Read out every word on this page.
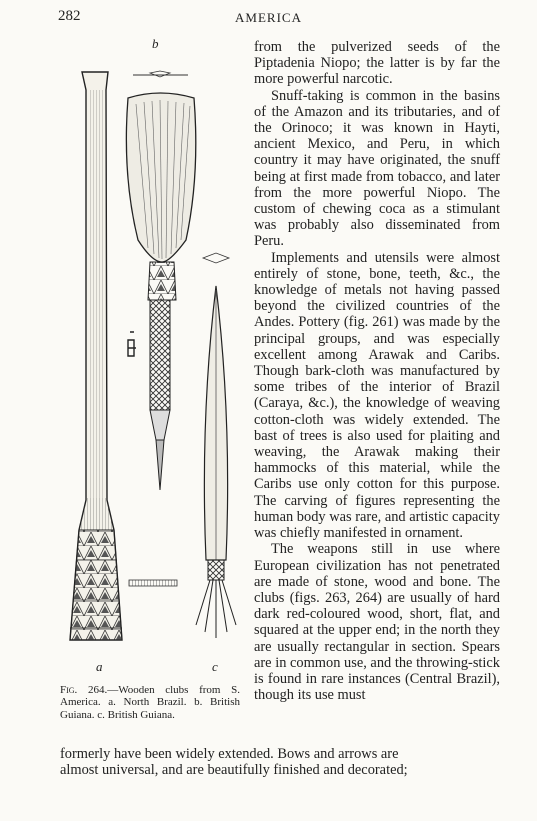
282	AMERICA
b
a	c
Fig. 264.—Wooden clubs from S. America. a. North Brazil. b. British Guiana. c. British Guiana.

from the pulverized seeds of the Piptadenia Niopo; the latter is by far the more powerful narcotic.

Snuff-taking is common in the basins of the Amazon and its tributaries, and of the Orinoco; it was known in Hayti, ancient Mexico, and Peru, in which country it may have originated, the snuff being at first made from tobacco, and later from the more powerful Niopo. The custom of chewing coca as a stimulant was probably also disseminated from Peru.

Implements and utensils were almost entirely of stone, bone, teeth, &c., the knowledge of metals not having passed beyond the civilized countries of the Andes. Pottery (fig. 261) was made by the principal groups, and was especially excellent among Arawak and Caribs. Though bark-cloth was manufactured by some tribes of the interior of Brazil (Caraya, &c.), the knowledge of weaving cotton-cloth was widely extended. The bast of trees is also used for plaiting and weaving, the Arawak making their hammocks of this material, while the Caribs use only cotton for this purpose. The carving of figures representing the human body was rare, and artistic capacity was chiefly manifested in ornament.

The weapons still in use where European civilization has not penetrated are made of stone, wood and bone. The clubs (figs. 263, 264) are usually of hard dark red-coloured wood, short, flat, and squared at the upper end; in the north they are usually rectangular in section. Spears are in common use, and the throwing-stick is found in rare instances (Central Brazil), though its use must

formerly have been widely extended. Bows and arrows are
almost universal, and are beautifully finished and decorated;
